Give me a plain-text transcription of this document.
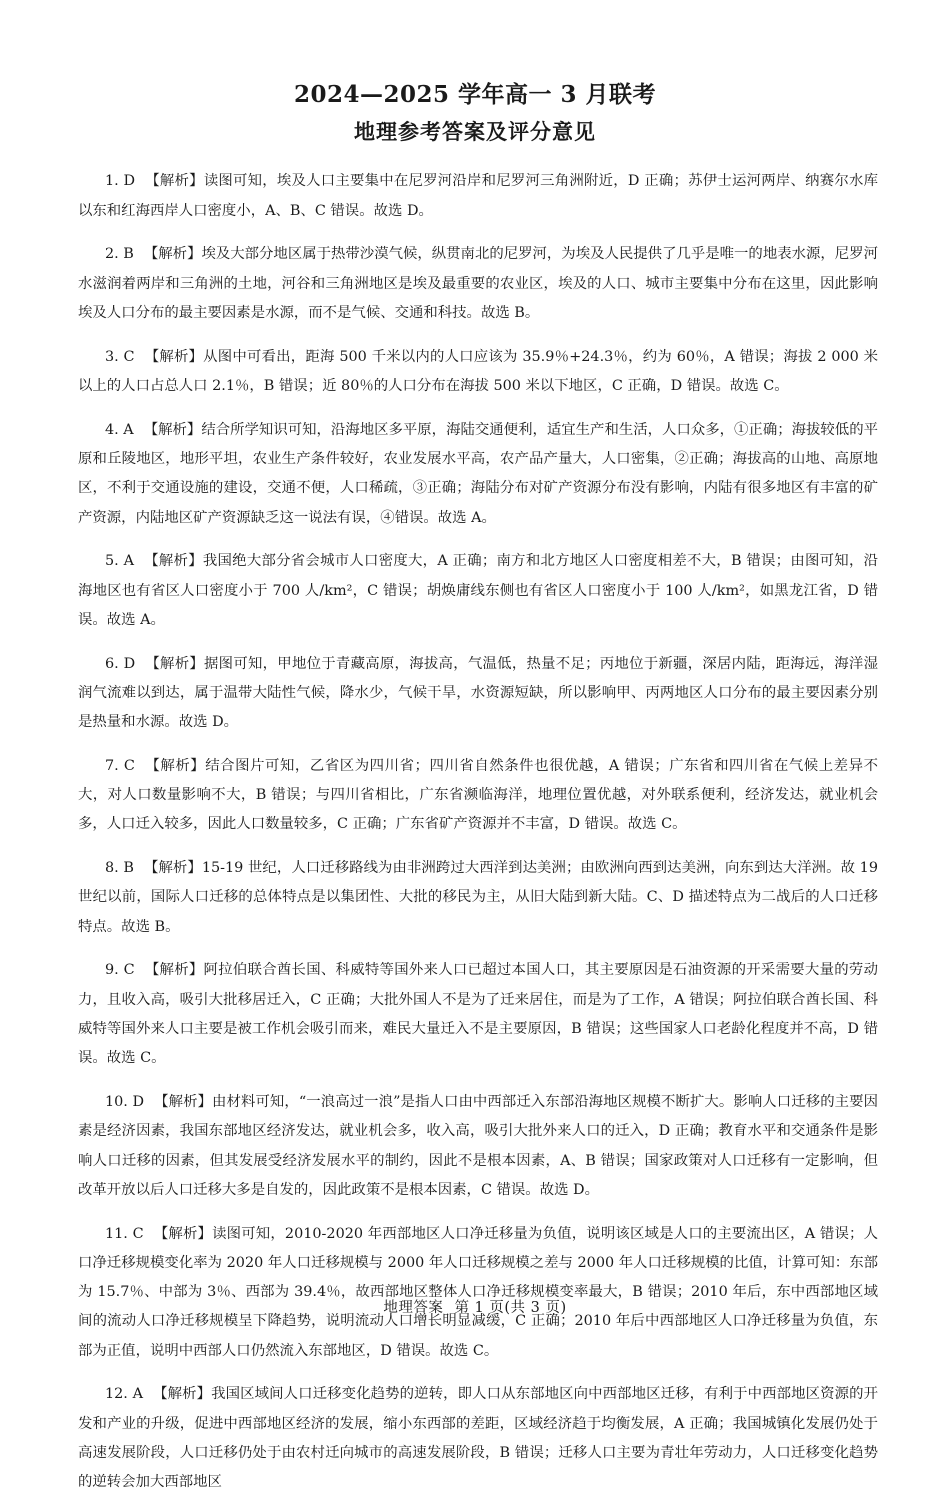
2024—2025 学年高一 3 月联考
地理参考答案及评分意见

1. D 【解析】读图可知，埃及人口主要集中在尼罗河沿岸和尼罗河三角洲附近，D 正确；苏伊士运河两岸、纳赛尔水库以东和红海西岸人口密度小，A、B、C 错误。故选 D。

2. B 【解析】埃及大部分地区属于热带沙漠气候，纵贯南北的尼罗河，为埃及人民提供了几乎是唯一的地表水源，尼罗河水滋润着两岸和三角洲的土地，河谷和三角洲地区是埃及最重要的农业区，埃及的人口、城市主要集中分布在这里，因此影响埃及人口分布的最主要因素是水源，而不是气候、交通和科技。故选 B。

3. C 【解析】从图中可看出，距海 500 千米以内的人口应该为 35.9％+24.3％，约为 60％，A 错误；海拔 2 000 米以上的人口占总人口 2.1％，B 错误；近 80％的人口分布在海拔 500 米以下地区，C 正确，D 错误。故选 C。

4. A 【解析】结合所学知识可知，沿海地区多平原，海陆交通便利，适宜生产和生活，人口众多，①正确；海拔较低的平原和丘陵地区，地形平坦，农业生产条件较好，农业发展水平高，农产品产量大，人口密集，②正确；海拔高的山地、高原地区，不利于交通设施的建设，交通不便，人口稀疏，③正确；海陆分布对矿产资源分布没有影响，内陆有很多地区有丰富的矿产资源，内陆地区矿产资源缺乏这一说法有误，④错误。故选 A。

5. A 【解析】我国绝大部分省会城市人口密度大，A 正确；南方和北方地区人口密度相差不大，B 错误；由图可知，沿海地区也有省区人口密度小于 700 人/km²，C 错误；胡焕庸线东侧也有省区人口密度小于 100 人/km²，如黑龙江省，D 错误。故选 A。

6. D 【解析】据图可知，甲地位于青藏高原，海拔高，气温低，热量不足；丙地位于新疆，深居内陆，距海远，海洋湿润气流难以到达，属于温带大陆性气候，降水少，气候干旱，水资源短缺，所以影响甲、丙两地区人口分布的最主要因素分别是热量和水源。故选 D。

7. C 【解析】结合图片可知，乙省区为四川省；四川省自然条件也很优越，A 错误；广东省和四川省在气候上差异不大，对人口数量影响不大，B 错误；与四川省相比，广东省濒临海洋，地理位置优越，对外联系便利，经济发达，就业机会多，人口迁入较多，因此人口数量较多，C 正确；广东省矿产资源并不丰富，D 错误。故选 C。

8. B 【解析】15-19 世纪，人口迁移路线为由非洲跨过大西洋到达美洲；由欧洲向西到达美洲，向东到达大洋洲。故 19 世纪以前，国际人口迁移的总体特点是以集团性、大批的移民为主，从旧大陆到新大陆。C、D 描述特点为二战后的人口迁移特点。故选 B。

9. C 【解析】阿拉伯联合酋长国、科威特等国外来人口已超过本国人口，其主要原因是石油资源的开采需要大量的劳动力，且收入高，吸引大批移居迁入，C 正确；大批外国人不是为了迁来居住，而是为了工作，A 错误；阿拉伯联合酋长国、科威特等国外来人口主要是被工作机会吸引而来，难民大量迁入不是主要原因，B 错误；这些国家人口老龄化程度并不高，D 错误。故选 C。

10. D 【解析】由材料可知，“一浪高过一浪”是指人口由中西部迁入东部沿海地区规模不断扩大。影响人口迁移的主要因素是经济因素，我国东部地区经济发达，就业机会多，收入高，吸引大批外来人口的迁入，D 正确；教育水平和交通条件是影响人口迁移的因素，但其发展受经济发展水平的制约，因此不是根本因素，A、B 错误；国家政策对人口迁移有一定影响，但改革开放以后人口迁移大多是自发的，因此政策不是根本因素，C 错误。故选 D。

11. C 【解析】读图可知，2010-2020 年西部地区人口净迁移量为负值，说明该区域是人口的主要流出区，A 错误；人口净迁移规模变化率为 2020 年人口迁移规模与 2000 年人口迁移规模之差与 2000 年人口迁移规模的比值，计算可知：东部为 15.7％、中部为 3％、西部为 39.4％，故西部地区整体人口净迁移规模变率最大，B 错误；2010 年后，东中西部地区域间的流动人口净迁移规模呈下降趋势，说明流动人口增长明显减缓，C 正确；2010 年后中西部地区人口净迁移量为负值，东部为正值，说明中西部人口仍然流入东部地区，D 错误。故选 C。

12. A 【解析】我国区域间人口迁移变化趋势的逆转，即人口从东部地区向中西部地区迁移，有利于中西部地区资源的开发和产业的升级，促进中西部地区经济的发展，缩小东西部的差距，区域经济趋于均衡发展，A 正确；我国城镇化发展仍处于高速发展阶段，人口迁移仍处于由农村迁向城市的高速发展阶段，B 错误；迁移人口主要为青壮年劳动力，人口迁移变化趋势的逆转会加大西部地区

地理答案 第 1 页(共 3 页)
